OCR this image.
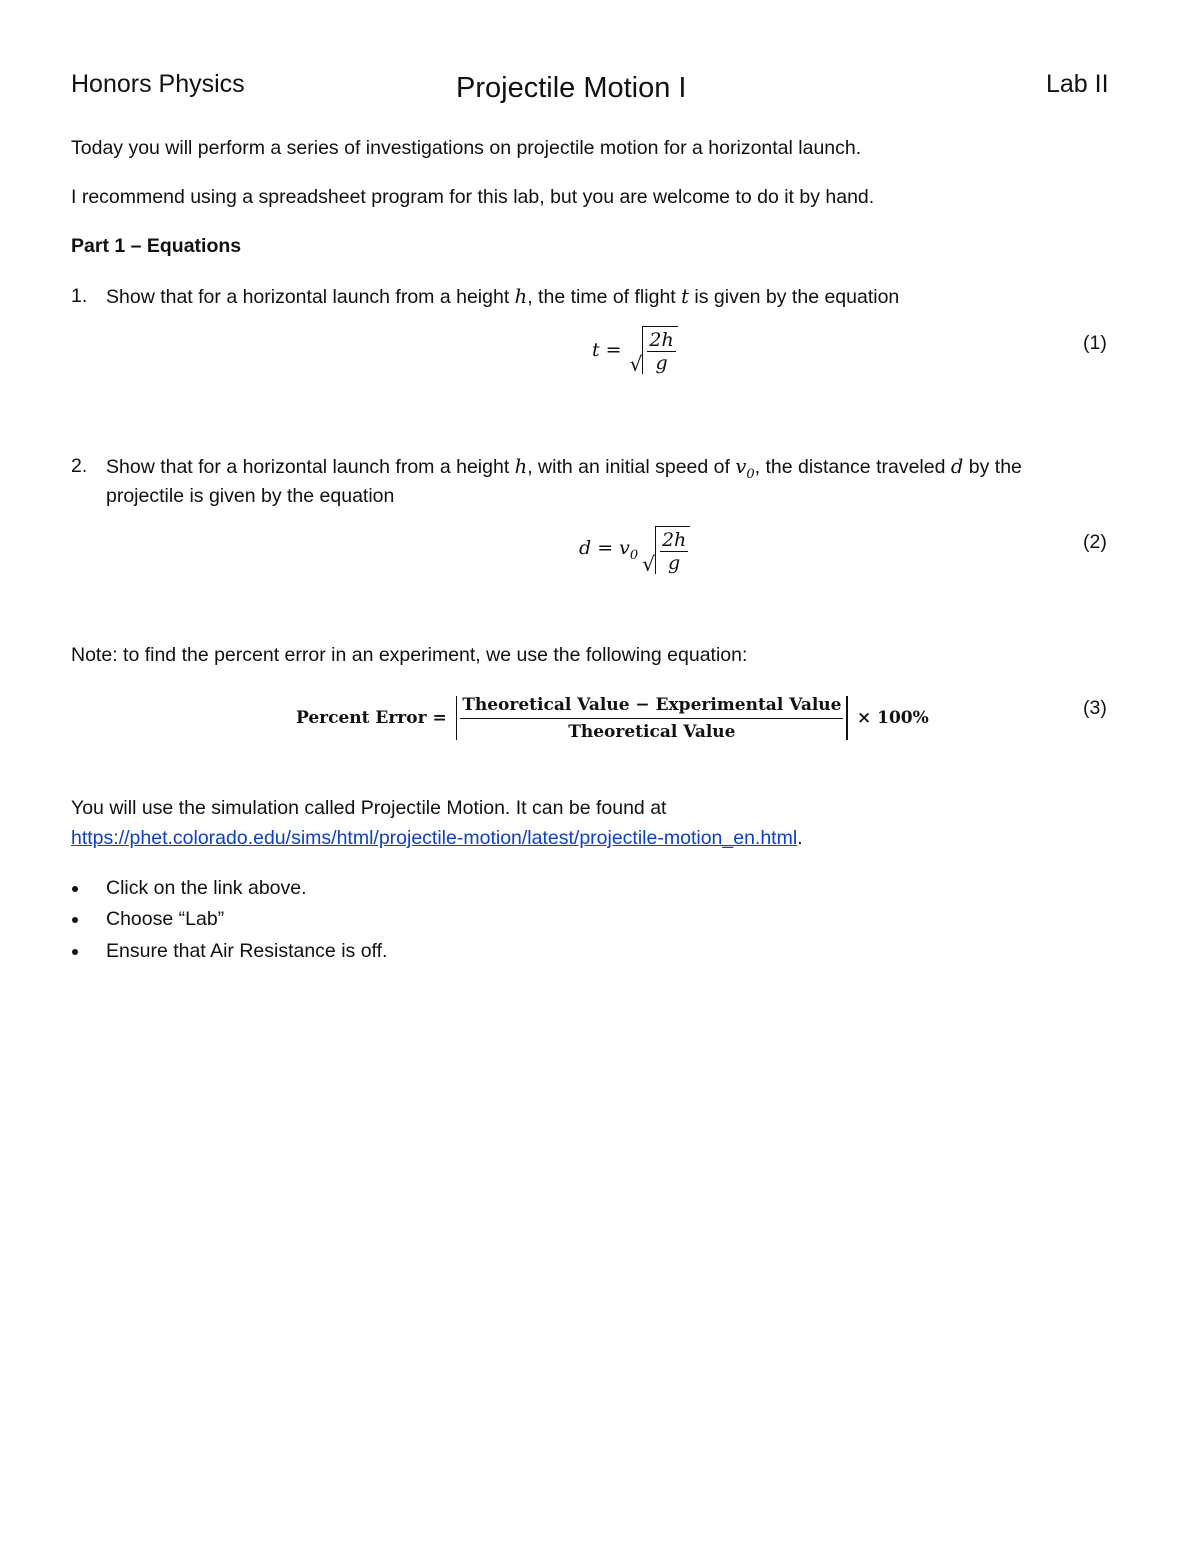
Honors Physics	Projectile Motion I	Lab II
Today you will perform a series of investigations on projectile motion for a horizontal launch.
I recommend using a spreadsheet program for this lab, but you are welcome to do it by hand.
Part 1 – Equations
1. Show that for a horizontal launch from a height h, the time of flight t is given by the equation
t =
√ $\frac{2h}{g}$	(1)
2. Show that for a horizontal launch from a height h, with an initial speed of $v_0$, the distance traveled d by the
projectile is given by the equation
$d = v_0$ √ $\frac{2h}{g}$	(2)
Note: to find the percent error in an experiment, we use the following equation:
Percent Error = $\frac{\text{Theoretical Value − Experimental Value}}{\text{Theoretical Value}} \times 100\%$	(3)
You will use the simulation called Projectile Motion. It can be found at
https://phet.colorado.edu/sims/html/projectile-motion/latest/projectile-motion_en.html.
Click on the link above.
Choose “Lab”
Ensure that Air Resistance is off.
